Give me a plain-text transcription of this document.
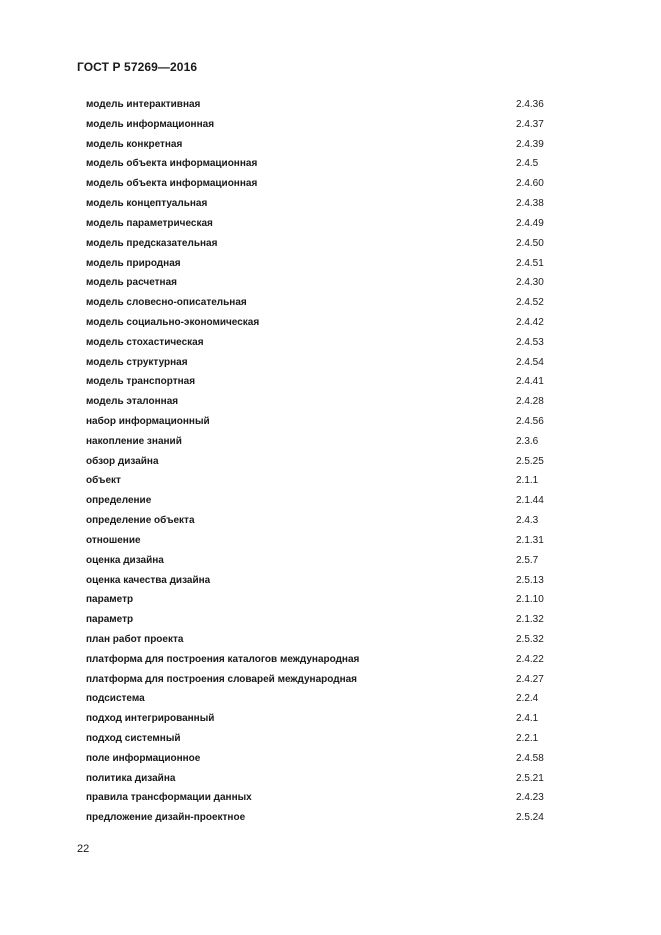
ГОСТ Р 57269—2016
модель интерактивная	2.4.36
модель информационная	2.4.37
модель конкретная	2.4.39
модель объекта информационная	2.4.5
модель объекта информационная	2.4.60
модель концептуальная	2.4.38
модель параметрическая	2.4.49
модель предсказательная	2.4.50
модель природная	2.4.51
модель расчетная	2.4.30
модель словесно-описательная	2.4.52
модель социально-экономическая	2.4.42
модель стохастическая	2.4.53
модель структурная	2.4.54
модель транспортная	2.4.41
модель эталонная	2.4.28
набор информационный	2.4.56
накопление знаний	2.3.6
обзор дизайна	2.5.25
объект	2.1.1
определение	2.1.44
определение объекта	2.4.3
отношение	2.1.31
оценка дизайна	2.5.7
оценка качества дизайна	2.5.13
параметр	2.1.10
параметр	2.1.32
план работ проекта	2.5.32
платформа для построения каталогов международная	2.4.22
платформа для построения словарей международная	2.4.27
подсистема	2.2.4
подход интегрированный	2.4.1
подход системный	2.2.1
поле информационное	2.4.58
политика дизайна	2.5.21
правила трансформации данных	2.4.23
предложение дизайн-проектное	2.5.24
22
